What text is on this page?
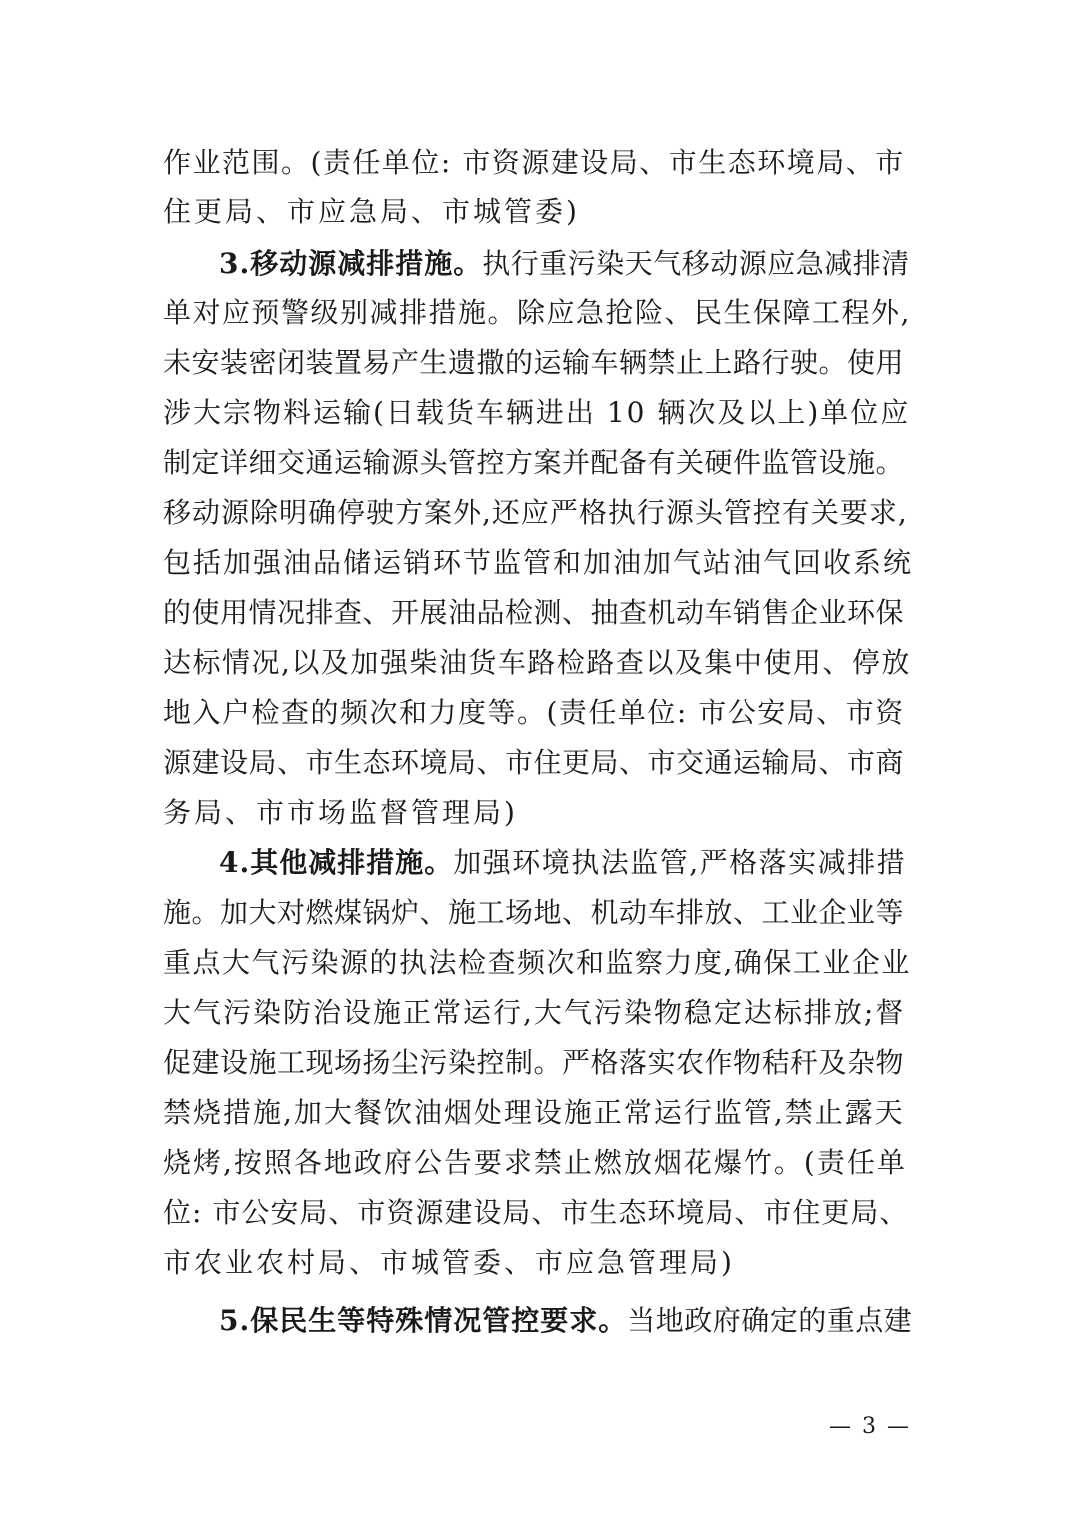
作业范围。(责任单位: 市资源建设局、市生态环境局、市
住更局、市应急局、市城管委)
3.移动源减排措施。执行重污染天气移动源应急减排清
单对应预警级别减排措施。除应急抢险、民生保障工程外,
未安装密闭装置易产生遗撒的运输车辆禁止上路行驶。使用
涉大宗物料运输(日载货车辆进出 10 辆次及以上)单位应
制定详细交通运输源头管控方案并配备有关硬件监管设施。
移动源除明确停驶方案外,还应严格执行源头管控有关要求,
包括加强油品储运销环节监管和加油加气站油气回收系统
的使用情况排查、开展油品检测、抽查机动车销售企业环保
达标情况,以及加强柴油货车路检路查以及集中使用、停放
地入户检查的频次和力度等。(责任单位: 市公安局、市资
源建设局、市生态环境局、市住更局、市交通运输局、市商
务局、市市场监督管理局)
4.其他减排措施。加强环境执法监管,严格落实减排措
施。加大对燃煤锅炉、施工场地、机动车排放、工业企业等
重点大气污染源的执法检查频次和监察力度,确保工业企业
大气污染防治设施正常运行,大气污染物稳定达标排放;督
促建设施工现场扬尘污染控制。严格落实农作物秸秆及杂物
禁烧措施,加大餐饮油烟处理设施正常运行监管,禁止露天
烧烤,按照各地政府公告要求禁止燃放烟花爆竹。(责任单
位: 市公安局、市资源建设局、市生态环境局、市住更局、
市农业农村局、市城管委、市应急管理局)
5.保民生等特殊情况管控要求。当地政府确定的重点建
— 3 —
